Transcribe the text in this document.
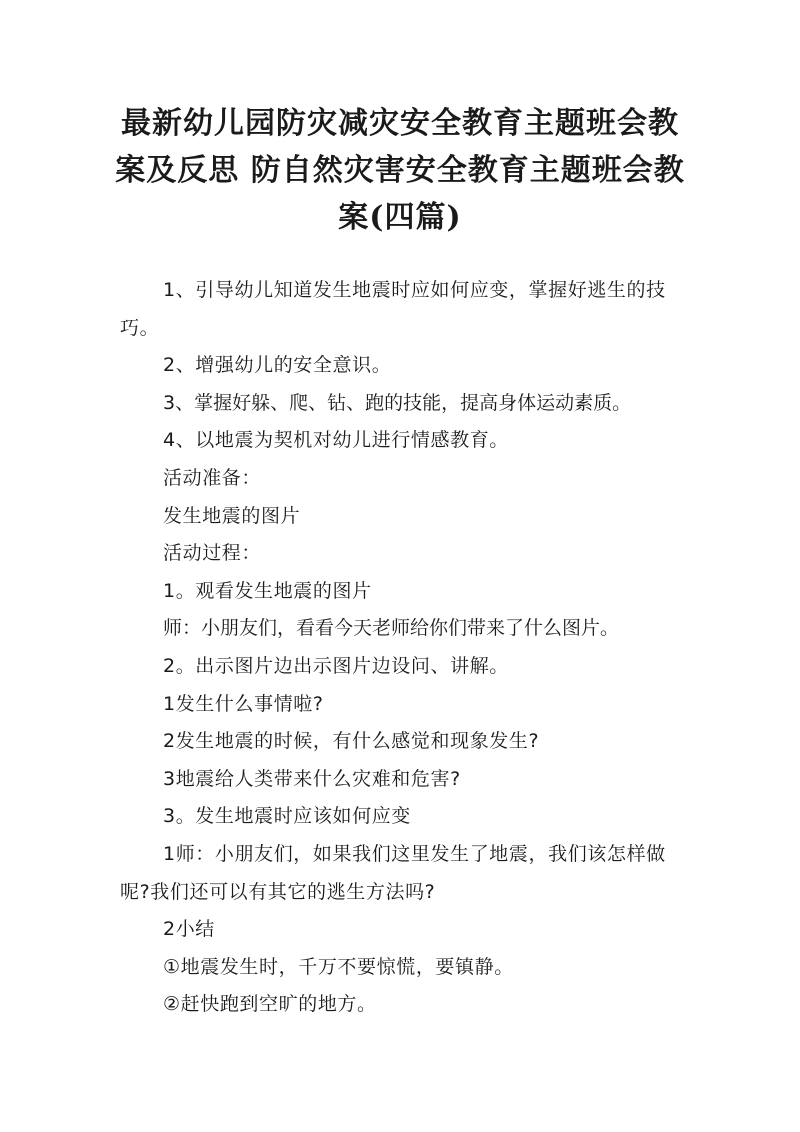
最新幼儿园防灾减灾安全教育主题班会教
案及反思 防自然灾害安全教育主题班会教
案(四篇)

1、引导幼儿知道发生地震时应如何应变，掌握好逃生的技巧。

2、增强幼儿的安全意识。

3、掌握好躲、爬、钻、跑的技能，提高身体运动素质。

4、以地震为契机对幼儿进行情感教育。

活动准备：

发生地震的图片

活动过程：

1。观看发生地震的图片

师：小朋友们，看看今天老师给你们带来了什么图片。

2。出示图片边出示图片边设问、讲解。

1发生什么事情啦?

2发生地震的时候，有什么感觉和现象发生?

3地震给人类带来什么灾难和危害?

3。发生地震时应该如何应变

1师：小朋友们，如果我们这里发生了地震，我们该怎样做呢?我们还可以有其它的逃生方法吗?

2小结

①地震发生时，千万不要惊慌，要镇静。

②赶快跑到空旷的地方。
